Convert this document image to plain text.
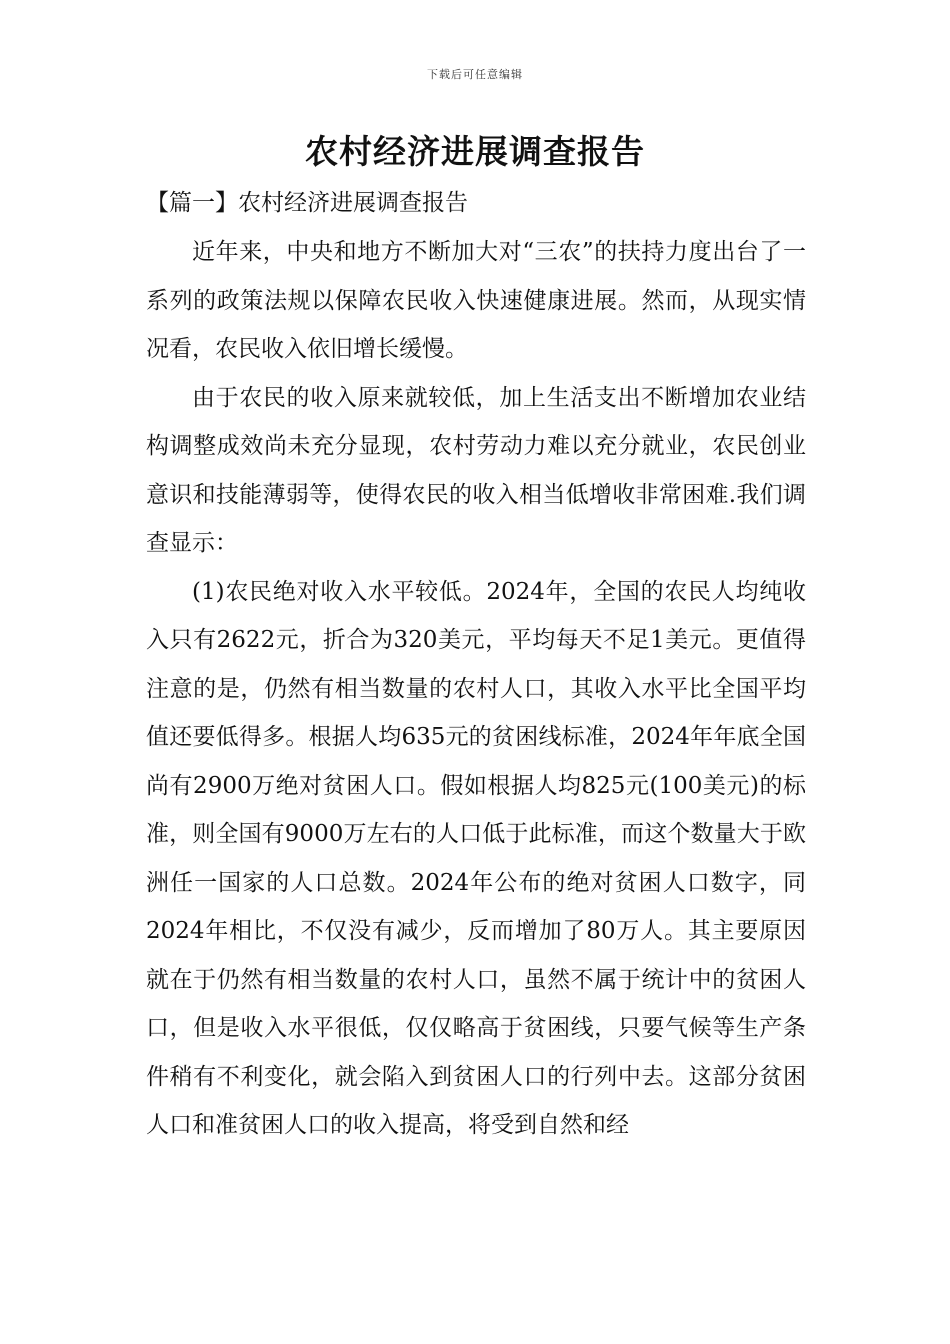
下载后可任意编辑
农村经济进展调查报告
【篇一】农村经济进展调查报告

近年来，中央和地方不断加大对“三农”的扶持力度出台了一系列的政策法规以保障农民收入快速健康进展。然而，从现实情况看，农民收入依旧增长缓慢。

由于农民的收入原来就较低，加上生活支出不断增加农业结构调整成效尚未充分显现，农村劳动力难以充分就业，农民创业意识和技能薄弱等，使得农民的收入相当低增收非常困难.我们调查显示：

(1)农民绝对收入水平较低。2024年，全国的农民人均纯收入只有2622元，折合为320美元，平均每天不足1美元。更值得注意的是，仍然有相当数量的农村人口，其收入水平比全国平均值还要低得多。根据人均635元的贫困线标准，2024年年底全国尚有2900万绝对贫困人口。假如根据人均825元(100美元)的标准，则全国有9000万左右的人口低于此标准，而这个数量大于欧洲任一国家的人口总数。2024年公布的绝对贫困人口数字，同2024年相比，不仅没有减少，反而增加了80万人。其主要原因就在于仍然有相当数量的农村人口，虽然不属于统计中的贫困人口，但是收入水平很低，仅仅略高于贫困线，只要气候等生产条件稍有不利变化，就会陷入到贫困人口的行列中去。这部分贫困人口和准贫困人口的收入提高，将受到自然和经
